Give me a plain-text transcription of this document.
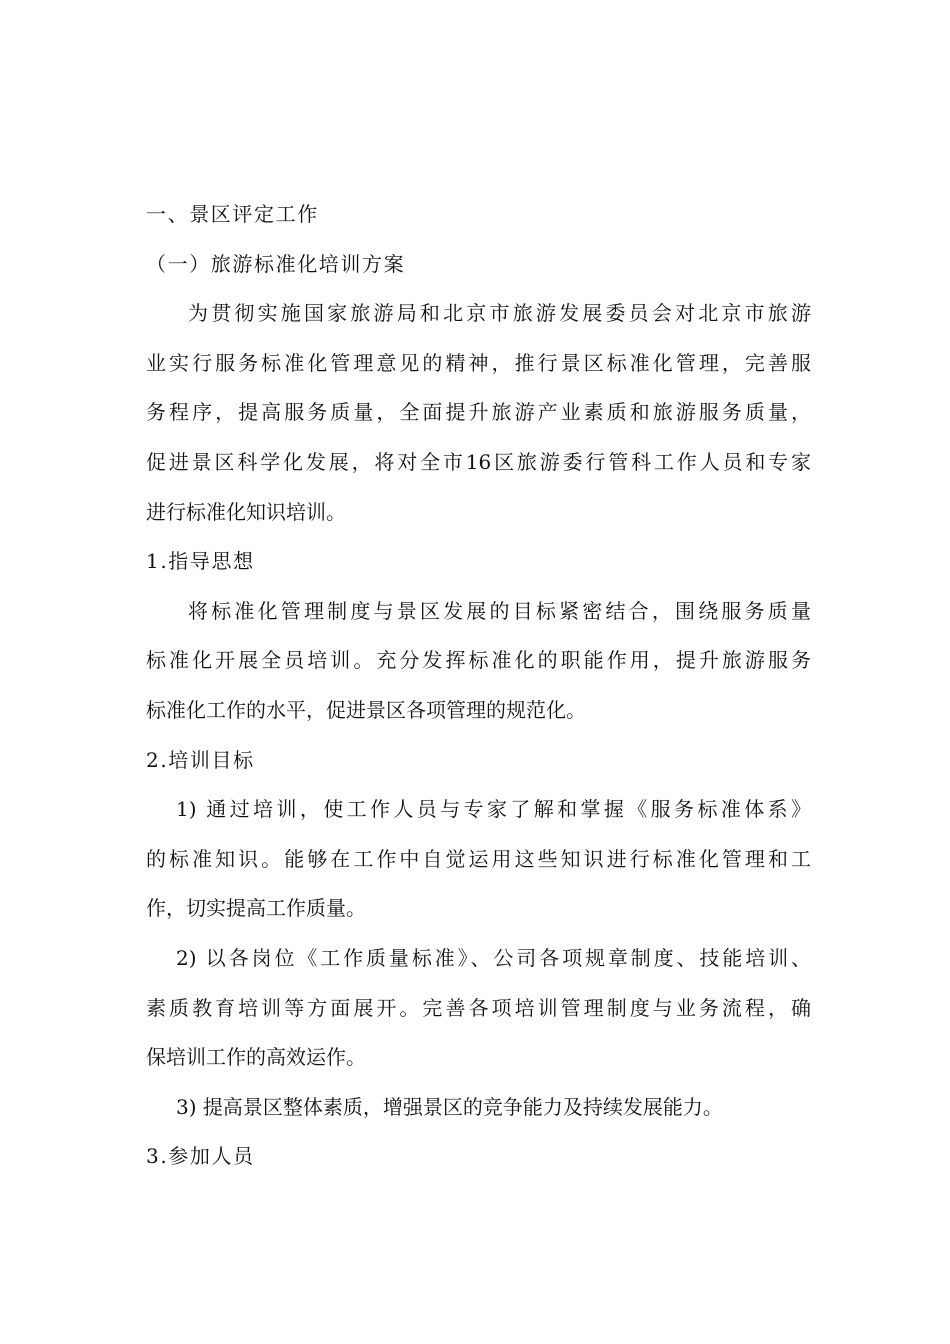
一、景区评定工作
（一）旅游标准化培训方案
为贯彻实施国家旅游局和北京市旅游发展委员会对北京市旅游
业实行服务标准化管理意见的精神，推行景区标准化管理，完善服
务程序，提高服务质量，全面提升旅游产业素质和旅游服务质量，
促进景区科学化发展，将对全市16区旅游委行管科工作人员和专家
进行标准化知识培训。
1.指导思想
将标准化管理制度与景区发展的目标紧密结合，围绕服务质量
标准化开展全员培训。充分发挥标准化的职能作用，提升旅游服务
标准化工作的水平，促进景区各项管理的规范化。
2.培训目标
1) 通过培训，使工作人员与专家了解和掌握《服务标准体系》
的标准知识。能够在工作中自觉运用这些知识进行标准化管理和工
作，切实提高工作质量。
2) 以各岗位《工作质量标准》、公司各项规章制度、技能培训、
素质教育培训等方面展开。完善各项培训管理制度与业务流程，确
保培训工作的高效运作。
3) 提高景区整体素质，增强景区的竞争能力及持续发展能力。
3.参加人员
